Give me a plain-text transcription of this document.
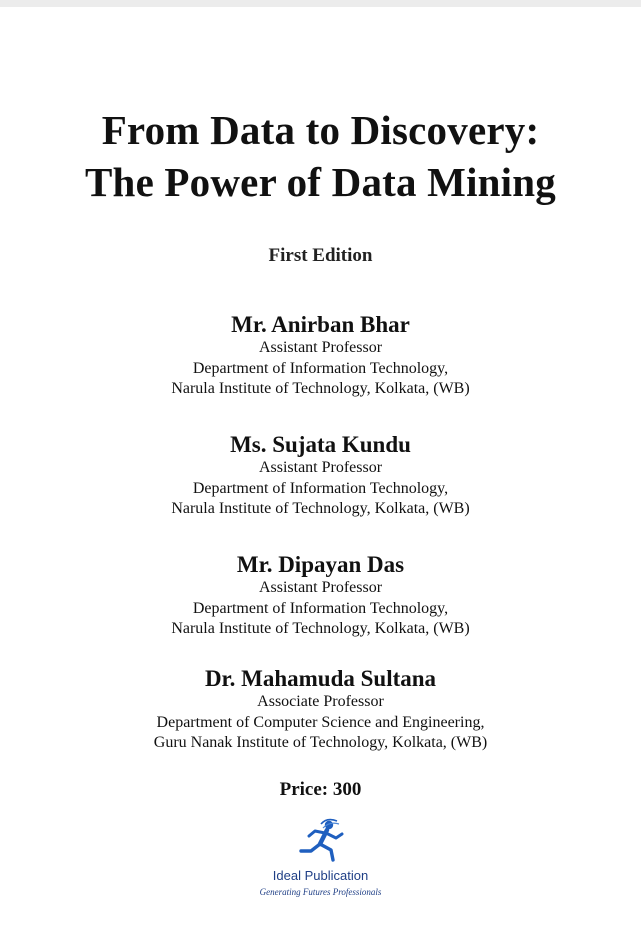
From Data to Discovery:
The Power of Data Mining
First Edition
Mr. Anirban Bhar
Assistant Professor
Department of Information Technology,
Narula Institute of Technology, Kolkata, (WB)
Ms. Sujata Kundu
Assistant Professor
Department of Information Technology,
Narula Institute of Technology, Kolkata, (WB)
Mr. Dipayan Das
Assistant Professor
Department of Information Technology,
Narula Institute of Technology, Kolkata, (WB)
Dr. Mahamuda Sultana
Associate Professor
Department of Computer Science and Engineering,
Guru Nanak Institute of Technology, Kolkata, (WB)
Price: 300
Ideal Publication
Generating Futures Professionals
